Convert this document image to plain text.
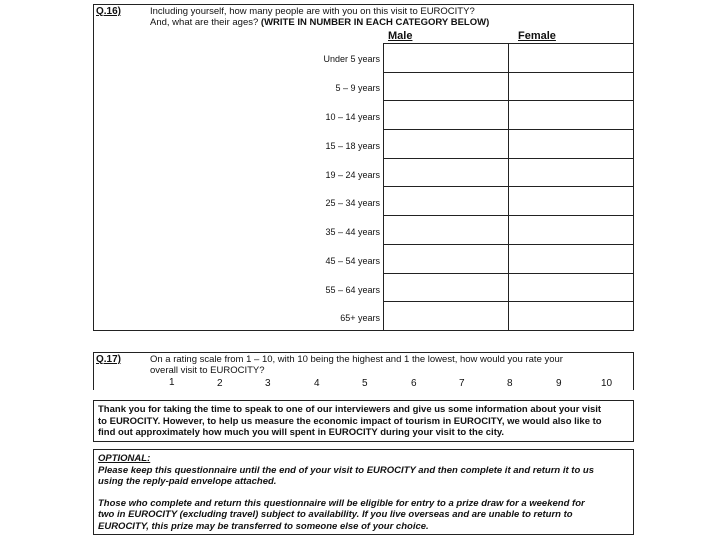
Q.16)	Including yourself, how many people are with you on this visit to EUROCITY?
And, what are their ages? (WRITE IN NUMBER IN EACH CATEGORY BELOW)
Male	Female
Under 5 years
5 – 9 years
10 – 14 years
15 – 18 years
19 – 24 years
25 – 34 years
35 – 44 years
45 – 54 years
55 – 64 years
65+ years

Q.17)	On a rating scale from 1 – 10, with 10 being the highest and 1 the lowest, how would you rate your
overall visit to EUROCITY?
1	2	3	4	5	6	7	8	9	10
Thank you for taking the time to speak to one of our interviewers and give us some information about your visit
to EUROCITY. However, to help us measure the economic impact of tourism in EUROCITY, we would also like to
find out approximately how much you will spent in EUROCITY during your visit to the city.
OPTIONAL:
Please keep this questionnaire until the end of your visit to EUROCITY and then complete it and return it to us
using the reply-paid envelope attached.
Those who complete and return this questionnaire will be eligible for entry to a prize draw for a weekend for
two in EUROCITY (excluding travel) subject to availability. If you live overseas and are unable to return to
EUROCITY, this prize may be transferred to someone else of your choice.
